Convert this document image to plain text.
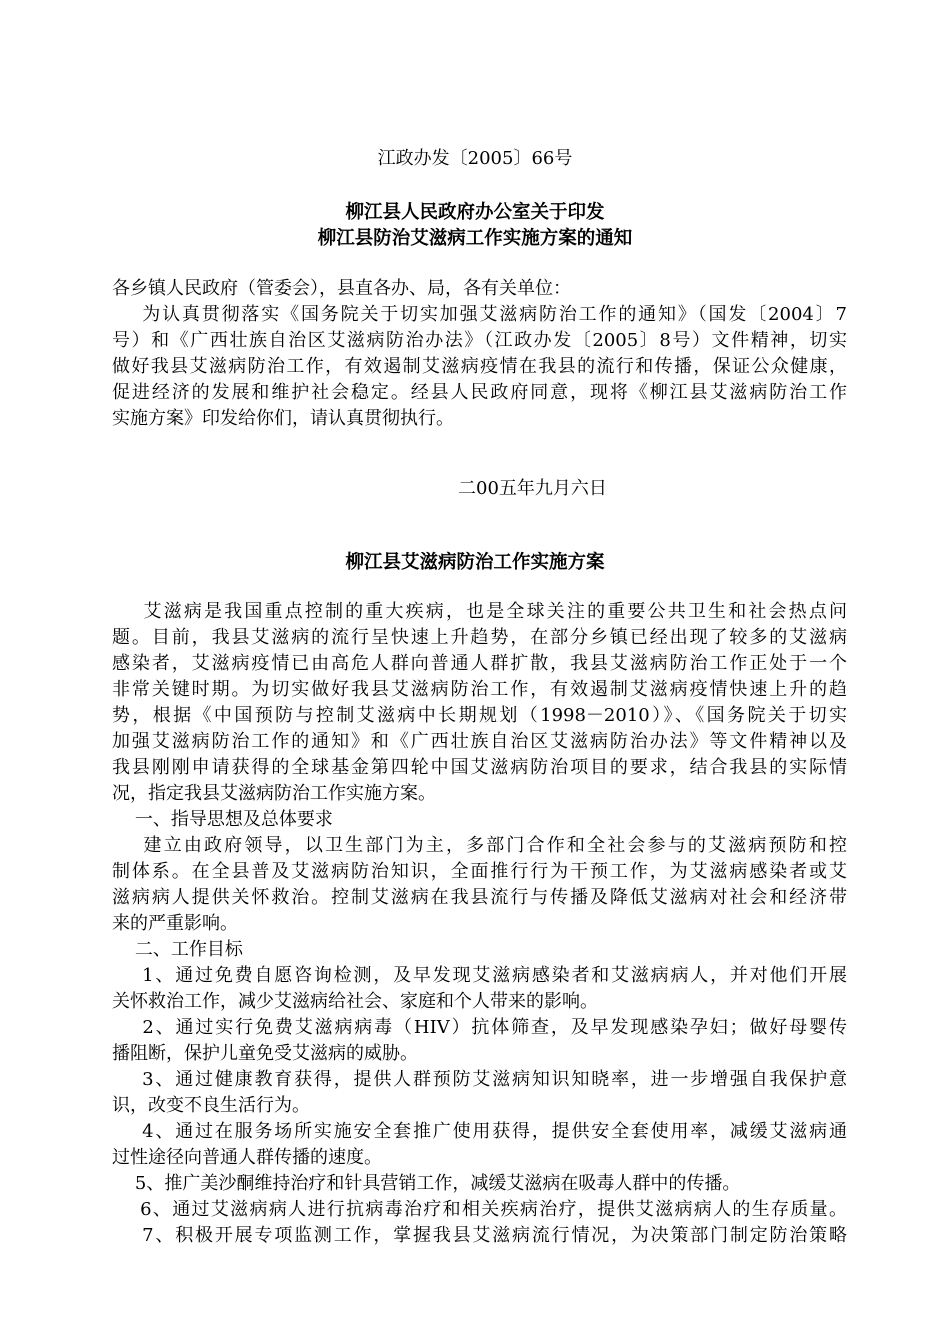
江政办发〔2005〕66号
柳江县人民政府办公室关于印发
柳江县防治艾滋病工作实施方案的通知
各乡镇人民政府（管委会），县直各办、局，各有关单位：
为认真贯彻落实《国务院关于切实加强艾滋病防治工作的通知》（国发〔2004〕7
号）和《广西壮族自治区艾滋病防治办法》（江政办发〔2005〕8号）文件精神，切实
做好我县艾滋病防治工作，有效遏制艾滋病疫情在我县的流行和传播，保证公众健康，
促进经济的发展和维护社会稳定。经县人民政府同意，现将《柳江县艾滋病防治工作
实施方案》印发给你们，请认真贯彻执行。
二00五年九月六日
柳江县艾滋病防治工作实施方案
艾滋病是我国重点控制的重大疾病，也是全球关注的重要公共卫生和社会热点问
题。目前，我县艾滋病的流行呈快速上升趋势，在部分乡镇已经出现了较多的艾滋病
感染者，艾滋病疫情已由高危人群向普通人群扩散，我县艾滋病防治工作正处于一个
非常关键时期。为切实做好我县艾滋病防治工作，有效遏制艾滋病疫情快速上升的趋
势，根据《中国预防与控制艾滋病中长期规划（1998－2010）》、《国务院关于切实
加强艾滋病防治工作的通知》和《广西壮族自治区艾滋病防治办法》等文件精神以及
我县刚刚申请获得的全球基金第四轮中国艾滋病防治项目的要求，结合我县的实际情
况，指定我县艾滋病防治工作实施方案。
一、指导思想及总体要求
建立由政府领导，以卫生部门为主，多部门合作和全社会参与的艾滋病预防和控
制体系。在全县普及艾滋病防治知识，全面推行行为干预工作，为艾滋病感染者或艾
滋病病人提供关怀救治。控制艾滋病在我县流行与传播及降低艾滋病对社会和经济带
来的严重影响。
二、工作目标
1、通过免费自愿咨询检测，及早发现艾滋病感染者和艾滋病病人，并对他们开展
关怀救治工作，减少艾滋病给社会、家庭和个人带来的影响。
2、通过实行免费艾滋病病毒（HIV）抗体筛查，及早发现感染孕妇；做好母婴传
播阻断，保护儿童免受艾滋病的威胁。
3、通过健康教育获得，提供人群预防艾滋病知识知晓率，进一步增强自我保护意
识，改变不良生活行为。
4、通过在服务场所实施安全套推广使用获得，提供安全套使用率，减缓艾滋病通
过性途径向普通人群传播的速度。
5、推广美沙酮维持治疗和针具营销工作，减缓艾滋病在吸毒人群中的传播。
6、通过艾滋病病人进行抗病毒治疗和相关疾病治疗，提供艾滋病病人的生存质量。
7、积极开展专项监测工作，掌握我县艾滋病流行情况，为决策部门制定防治策略
